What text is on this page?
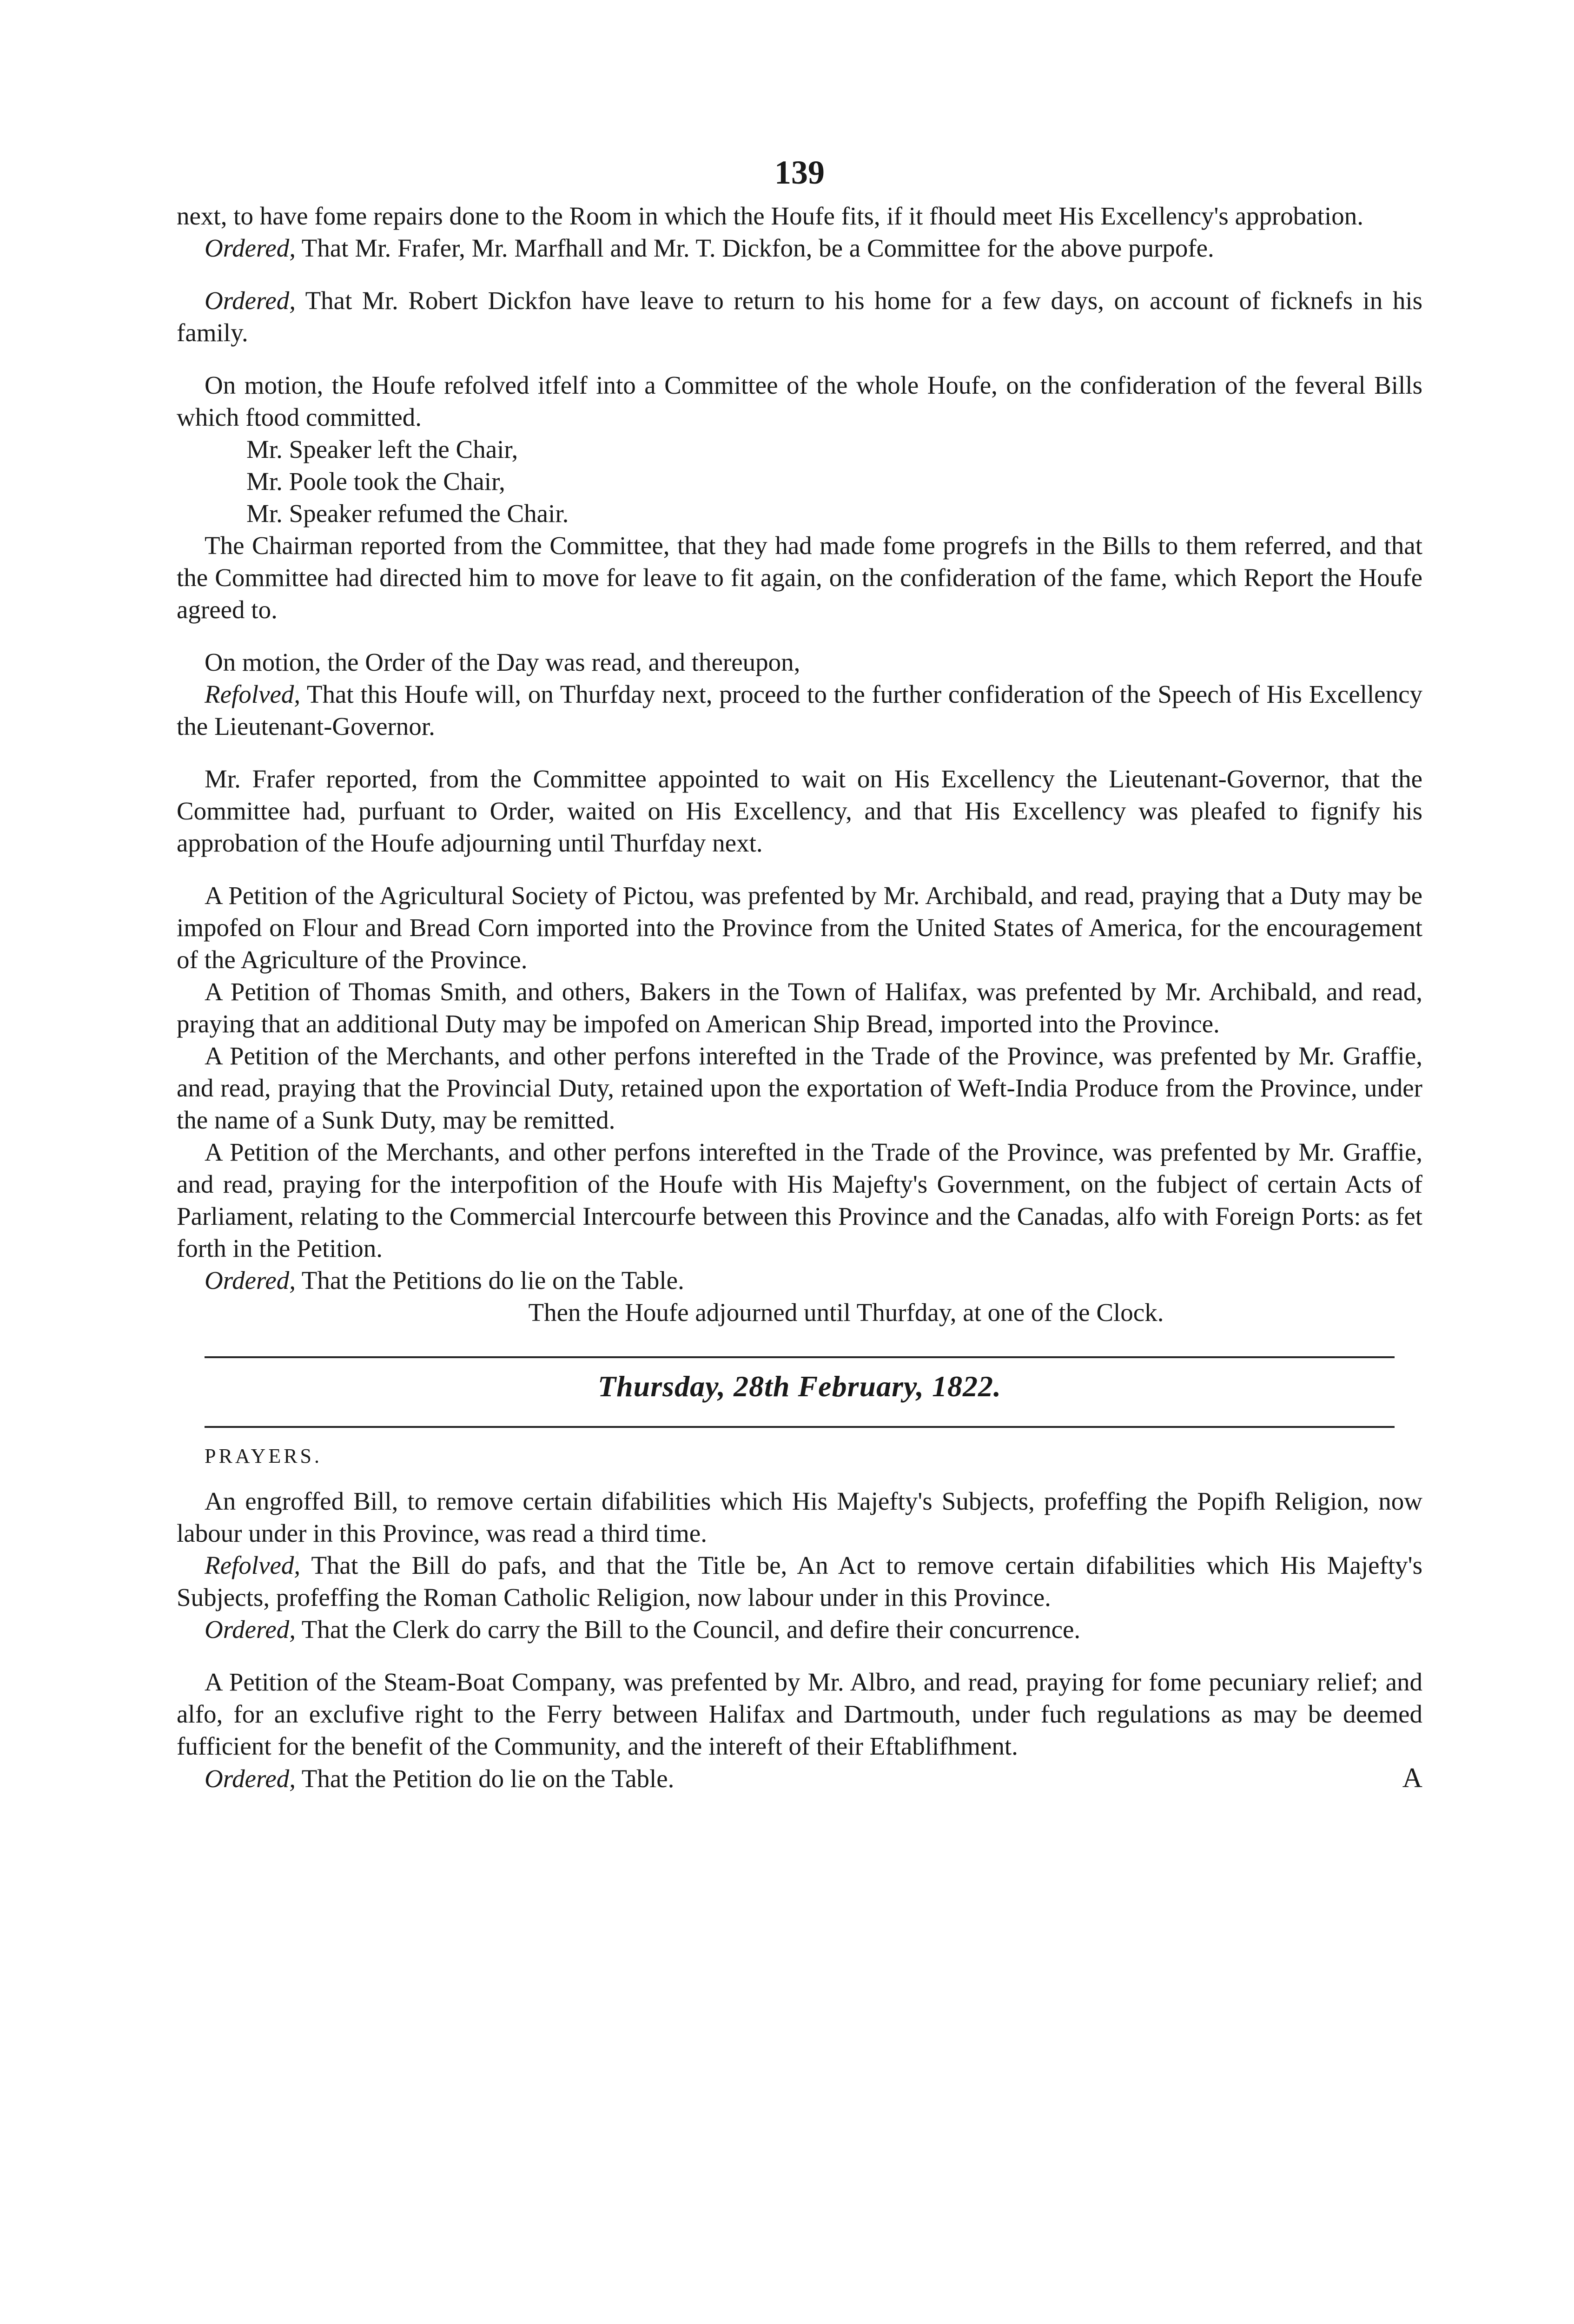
139

next, to have fome repairs done to the Room in which the Houfe fits, if it fhould meet His Excellency's approbation.

Ordered, That Mr. Frafer, Mr. Marfhall and Mr. T. Dickfon, be a Committee for the above purpofe.

Ordered, That Mr. Robert Dickfon have leave to return to his home for a few days, on account of ficknefs in his family.

On motion, the Houfe refolved itfelf into a Committee of the whole Houfe, on the confideration of the feveral Bills which ftood committed.

Mr. Speaker left the Chair,

Mr. Poole took the Chair,

Mr. Speaker refumed the Chair.

The Chairman reported from the Committee, that they had made fome progrefs in the Bills to them referred, and that the Committee had directed him to move for leave to fit again, on the confideration of the fame, which Report the Houfe agreed to.

On motion, the Order of the Day was read, and thereupon,

Refolved, That this Houfe will, on Thurfday next, proceed to the further confideration of the Speech of His Excellency the Lieutenant-Governor.

Mr. Frafer reported, from the Committee appointed to wait on His Excellency the Lieutenant-Governor, that the Committee had, purfuant to Order, waited on His Excellency, and that His Excellency was pleafed to fignify his approbation of the Houfe adjourning until Thurfday next.

A Petition of the Agricultural Society of Pictou, was prefented by Mr. Archibald, and read, praying that a Duty may be impofed on Flour and Bread Corn imported into the Province from the United States of America, for the encouragement of the Agriculture of the Province.

A Petition of Thomas Smith, and others, Bakers in the Town of Halifax, was prefented by Mr. Archibald, and read, praying that an additional Duty may be impofed on American Ship Bread, imported into the Province.

A Petition of the Merchants, and other perfons interefted in the Trade of the Province, was prefented by Mr. Graffie, and read, praying that the Provincial Duty, retained upon the exportation of Weft-India Produce from the Province, under the name of a Sunk Duty, may be remitted.

A Petition of the Merchants, and other perfons interefted in the Trade of the Province, was prefented by Mr. Graffie, and read, praying for the interpofition of the Houfe with His Majefty's Government, on the fubject of certain Acts of Parliament, relating to the Commercial Intercourfe between this Province and the Canadas, alfo with Foreign Ports: as fet forth in the Petition.

Ordered, That the Petitions do lie on the Table.

Then the Houfe adjourned until Thurfday, at one of the Clock.

Thursday, 28th February, 1822.

PRAYERS.

An engroffed Bill, to remove certain difabilities which His Majefty's Subjects, profeffing the Popifh Religion, now labour under in this Province, was read a third time.

Refolved, That the Bill do pafs, and that the Title be, An Act to remove certain difabilities which His Majefty's Subjects, profeffing the Roman Catholic Religion, now labour under in this Province.

Ordered, That the Clerk do carry the Bill to the Council, and defire their concurrence.

A Petition of the Steam-Boat Company, was prefented by Mr. Albro, and read, praying for fome pecuniary relief; and alfo, for an exclufive right to the Ferry between Halifax and Dartmouth, under fuch regulations as may be deemed fufficient for the benefit of the Community, and the intereft of their Eftablifhment.

Ordered, That the Petition do lie on the Table.	A
